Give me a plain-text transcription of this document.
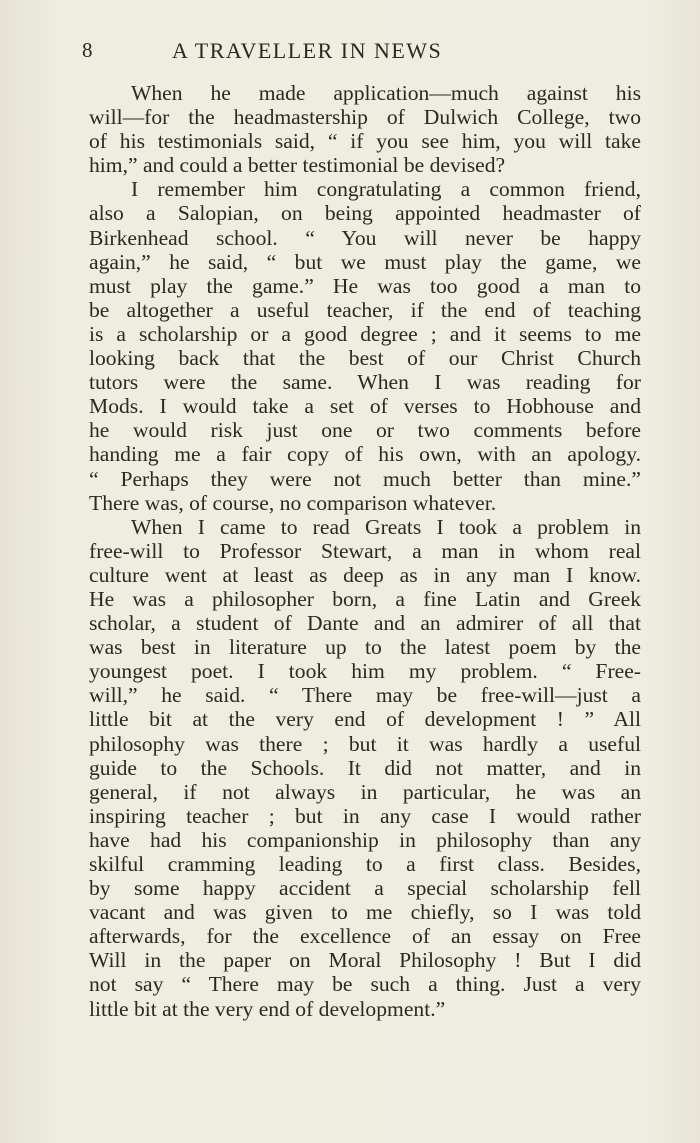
8	A TRAVELLER IN NEWS
When he made application—much against his
will—for the headmastership of Dulwich College, two
of his testimonials said, “ if you see him, you will take
him,” and could a better testimonial be devised?
I remember him congratulating a common friend,
also a Salopian, on being appointed headmaster of
Birkenhead school. “ You will never be happy
again,” he said, “ but we must play the game, we
must play the game.” He was too good a man to
be altogether a useful teacher, if the end of teaching
is a scholarship or a good degree ; and it seems to me
looking back that the best of our Christ Church
tutors were the same. When I was reading for
Mods. I would take a set of verses to Hobhouse and
he would risk just one or two comments before
handing me a fair copy of his own, with an apology.
“ Perhaps they were not much better than mine.”
There was, of course, no comparison whatever.
When I came to read Greats I took a problem in
free-will to Professor Stewart, a man in whom real
culture went at least as deep as in any man I know.
He was a philosopher born, a fine Latin and Greek
scholar, a student of Dante and an admirer of all that
was best in literature up to the latest poem by the
youngest poet. I took him my problem. “ Free-
will,” he said. “ There may be free-will—just a
little bit at the very end of development ! ” All
philosophy was there ; but it was hardly a useful
guide to the Schools. It did not matter, and in
general, if not always in particular, he was an
inspiring teacher ; but in any case I would rather
have had his companionship in philosophy than any
skilful cramming leading to a first class. Besides,
by some happy accident a special scholarship fell
vacant and was given to me chiefly, so I was told
afterwards, for the excellence of an essay on Free
Will in the paper on Moral Philosophy ! But I did
not say “ There may be such a thing. Just a very
little bit at the very end of development.”
